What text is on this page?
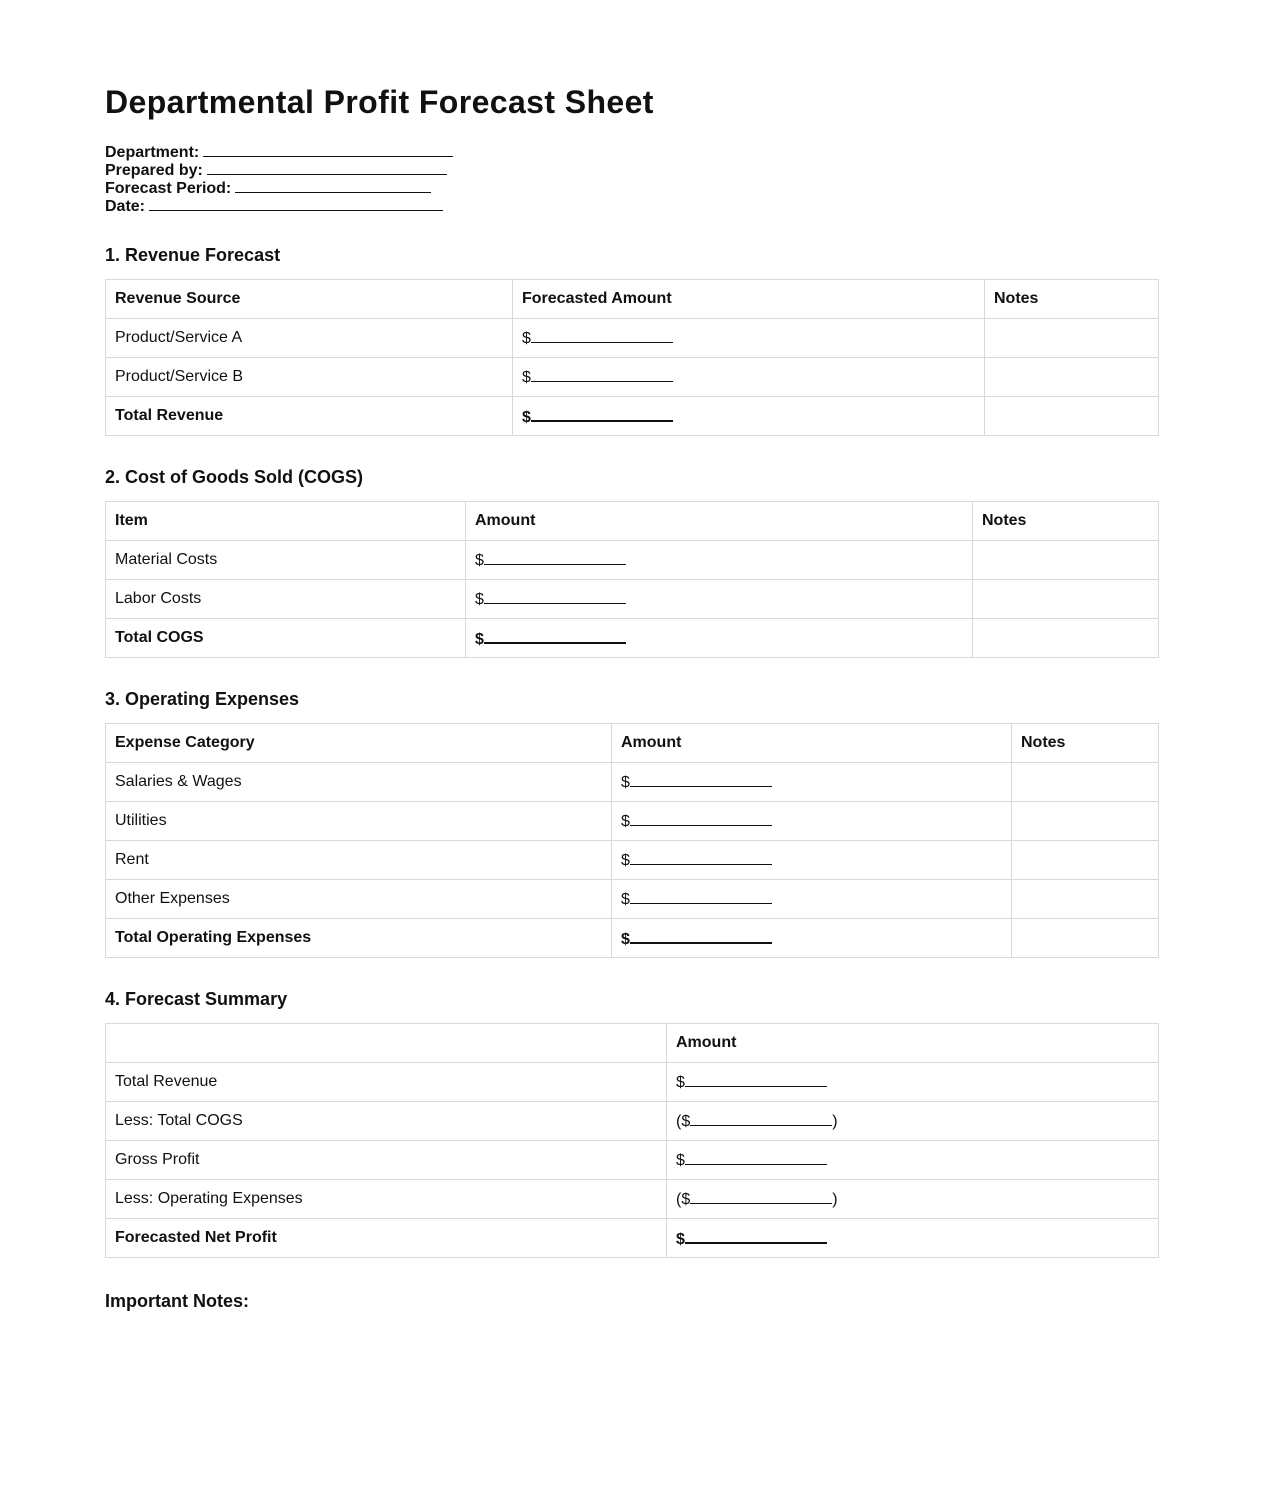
Departmental Profit Forecast Sheet
Department:
Prepared by:
Forecast Period:
Date:
1. Revenue Forecast
Revenue Source	Forecasted Amount	Notes
Product/Service A	$	
Product/Service B	$	
Total Revenue	$	
2. Cost of Goods Sold (COGS)
Item	Amount	Notes
Material Costs	$	
Labor Costs	$	
Total COGS	$	
3. Operating Expenses
Expense Category	Amount	Notes
Salaries & Wages	$	
Utilities	$	
Rent	$	
Other Expenses	$	
Total Operating Expenses	$	
4. Forecast Summary
	Amount
Total Revenue	$
Less: Total COGS	($ )
Gross Profit	$
Less: Operating Expenses	($ )
Forecasted Net Profit	$
Important Notes:
